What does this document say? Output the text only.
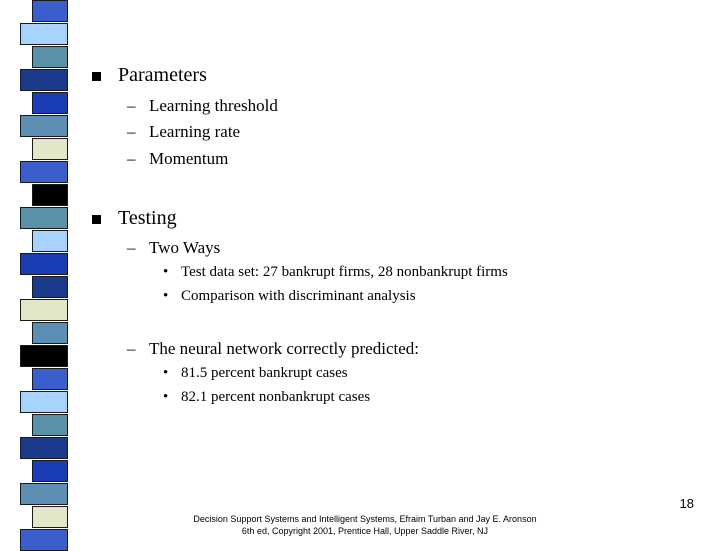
Parameters
– Learning threshold
– Learning rate
– Momentum
Testing
– Two Ways
• Test data set: 27 bankrupt firms, 28 nonbankrupt firms
• Comparison with discriminant analysis
– The neural network correctly predicted:
• 81.5 percent bankrupt cases
• 82.1 percent nonbankrupt cases
18
Decision Support Systems and Intelligent Systems, Efraim Turban and Jay E. Aronson
6th ed, Copyright 2001, Prentice Hall, Upper Saddle River, NJ
